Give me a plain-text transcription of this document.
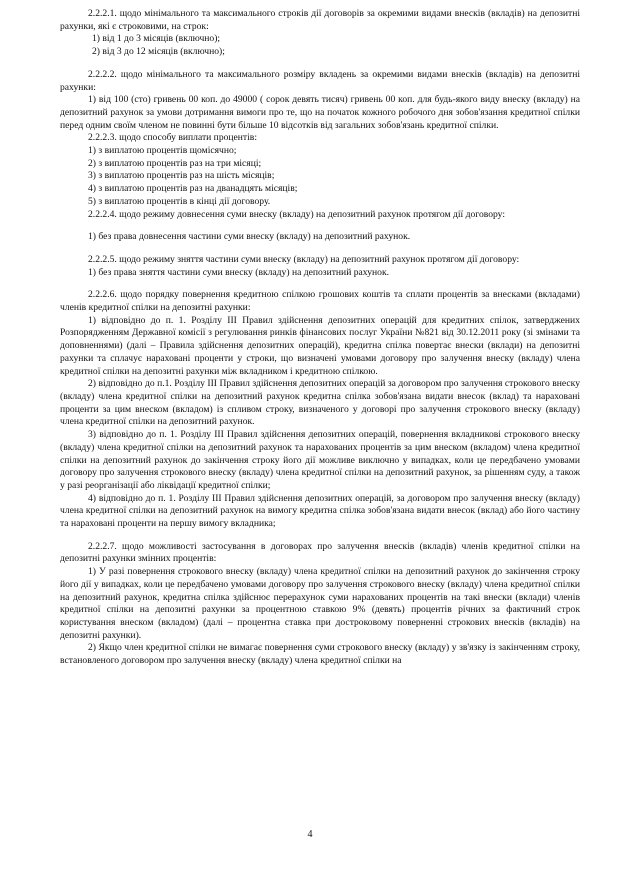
2.2.2.1. щодо мінімального та максимального строків дії договорів за окремими видами внесків (вкладів) на депозитні рахунки, які є строковими, на строк:

1) від 1 до 3 місяців (включно);

2) від 3 до 12 місяців (включно);

2.2.2.2. щодо мінімального та максимального розміру вкладень за окремими видами внесків (вкладів) на депозитні рахунки:

1) від 100 (сто) гривень 00 коп. до 49000 ( сорок девять тисяч) гривень 00 коп. для будь-якого виду внеску (вкладу) на депозитний рахунок за умови дотримання вимоги про те, що на початок кожного робочого дня зобов'язання кредитної спілки перед одним своїм членом не повинні бути більше 10 відсотків від загальних зобов'язань кредитної спілки.

2.2.2.3. щодо способу виплати процентів:

1) з виплатою процентів щомісячно;

2) з виплатою процентів раз на три місяці;

3) з виплатою процентів раз на шість місяців;

4) з виплатою процентів раз на дванадцять місяців;

5) з виплатою процентів в кінці дії договору.

2.2.2.4. щодо режиму довнесення суми внеску (вкладу) на депозитний рахунок протягом дії договору:

1) без права довнесення частини суми внеску (вкладу) на депозитний рахунок.

2.2.2.5. щодо режиму зняття частини суми внеску (вкладу) на депозитний рахунок протягом дії договору:

1) без права зняття частини суми внеску (вкладу) на депозитний рахунок.

2.2.2.6. щодо порядку повернення кредитною спілкою грошових коштів та сплати процентів за внесками (вкладами) членів кредитної спілки на депозитні рахунки:

1) відповідно до п. 1. Розділу ІІІ Правил здійснення депозитних операцій для кредитних спілок, затверджених Розпорядженням Державної комісії з регулювання ринків фінансових послуг України №821 від 30.12.2011 року (зі змінами та доповненнями) (далі – Правила здійснення депозитних операцій), кредитна спілка повертає внески (вклади) на депозитні рахунки та сплачує нараховані проценти у строки, що визначені умовами договору про залучення внеску (вкладу) члена кредитної спілки на депозитні рахунки між вкладником і кредитною спілкою.

2) відповідно до п.1. Розділу ІІІ Правил здійснення депозитних операцій за договором про залучення строкового внеску (вкладу) члена кредитної спілки на депозитний рахунок кредитна спілка зобов'язана видати внесок (вклад) та нараховані проценти за цим внеском (вкладом) із спливом строку, визначеного у договорі про залучення строкового внеску (вкладу) члена кредитної спілки на депозитний рахунок.

3) відповідно до п. 1. Розділу ІІІ Правил здійснення депозитних операцій, повернення вкладникові строкового внеску (вкладу) члена кредитної спілки на депозитний рахунок та нарахованих процентів за цим внеском (вкладом) члена кредитної спілки на депозитний рахунок до закінчення строку його дії можливе виключно у випадках, коли це передбачено умовами договору про залучення строкового внеску (вкладу) члена кредитної спілки на депозитний рахунок, за рішенням суду, а також у разі реорганізації або ліквідації кредитної спілки;

4) відповідно до п. 1. Розділу ІІІ Правил здійснення депозитних операцій, за договором про залучення внеску (вкладу) члена кредитної спілки на депозитний рахунок на вимогу кредитна спілка зобов'язана видати внесок (вклад) або його частину та нараховані проценти на першу вимогу вкладника;

2.2.2.7. щодо можливості застосування в договорах про залучення внесків (вкладів) членів кредитної спілки на депозитні рахунки змінних процентів:

1) У разі повернення строкового внеску (вкладу) члена кредитної спілки на депозитний рахунок до закінчення строку його дії у випадках, коли це передбачено умовами договору про залучення строкового внеску (вкладу) члена кредитної спілки на депозитний рахунок, кредитна спілка здійснює перерахунок суми нарахованих процентів на такі внески (вклади) членів кредитної спілки на депозитні рахунки за процентною ставкою 9% (девять) процентів річних за фактичний строк користування внеском (вкладом) (далі – процентна ставка при достроковому поверненні строкових внесків (вкладів) на депозитні рахунки).

2) Якщо член кредитної спілки не вимагає повернення суми строкового внеску (вкладу) у зв'язку із закінченням строку, встановленого договором про залучення внеску (вкладу) члена кредитної спілки на

4
